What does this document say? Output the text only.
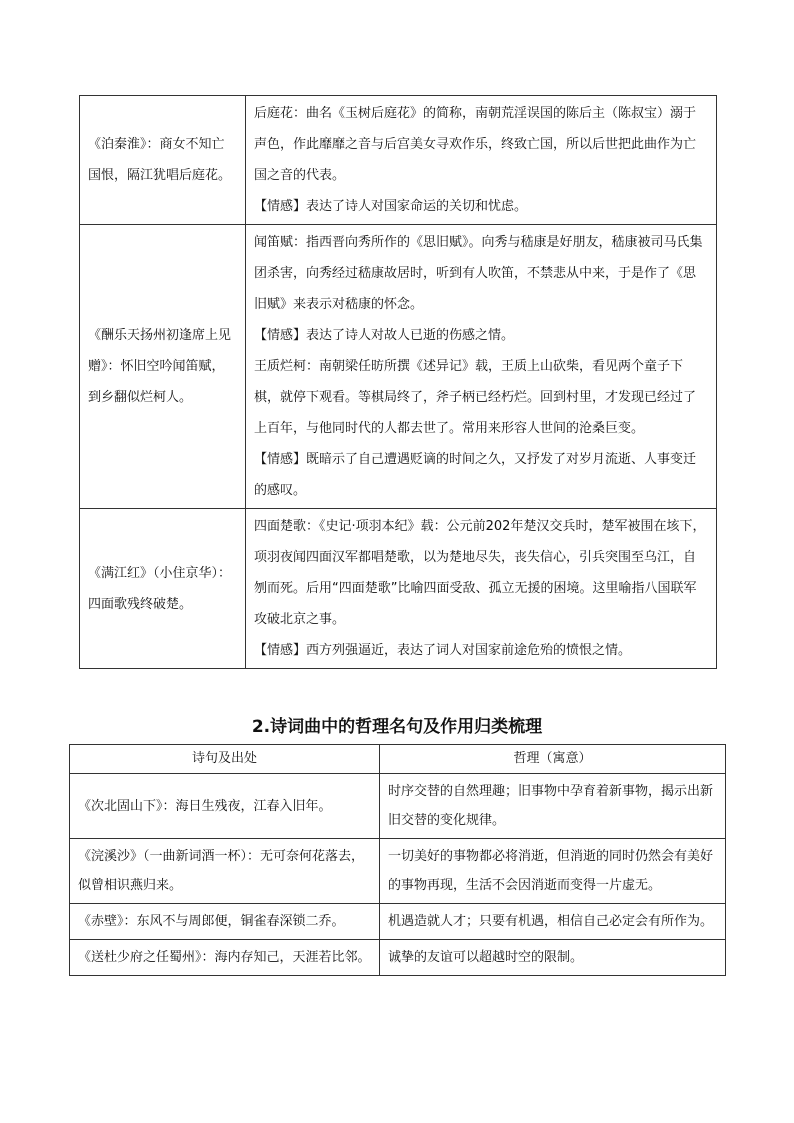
《泊秦淮》：商女不知亡国恨，隔江犹唱后庭花。	后庭花：曲名《玉树后庭花》的简称，南朝荒淫误国的陈后主（陈叔宝）溺于声色，作此靡靡之音与后宫美女寻欢作乐，终致亡国，所以后世把此曲作为亡国之音的代表。
【情感】表达了诗人对国家命运的关切和忧虑。

《酬乐天扬州初逢席上见赠》：怀旧空吟闻笛赋，到乡翻似烂柯人。	闻笛赋：指西晋向秀所作的《思旧赋》。向秀与嵇康是好朋友，嵇康被司马氏集团杀害，向秀经过嵇康故居时，听到有人吹笛，不禁悲从中来，于是作了《思旧赋》来表示对嵇康的怀念。
【情感】表达了诗人对故人已逝的伤感之情。
王质烂柯：南朝梁任昉所撰《述异记》载，王质上山砍柴，看见两个童子下棋，就停下观看。等棋局终了，斧子柄已经朽烂。回到村里，才发现已经过了上百年，与他同时代的人都去世了。常用来形容人世间的沧桑巨变。
【情感】既暗示了自己遭遇贬谪的时间之久，又抒发了对岁月流逝、人事变迁的感叹。

《满江红》（小住京华）：四面歌残终破楚。	四面楚歌：《史记·项羽本纪》载：公元前202年楚汉交兵时，楚军被围在垓下，项羽夜闻四面汉军都唱楚歌，以为楚地尽失，丧失信心，引兵突围至乌江，自刎而死。后用“四面楚歌”比喻四面受敌、孤立无援的困境。这里喻指八国联军攻破北京之事。
【情感】西方列强逼近，表达了词人对国家前途危殆的愤恨之情。
2.诗词曲中的哲理名句及作用归类梳理
诗句及出处	哲理（寓意）
《次北固山下》：海日生残夜，江春入旧年。	时序交替的自然理趣；旧事物中孕育着新事物，揭示出新旧交替的变化规律。
《浣溪沙》（一曲新词酒一杯）：无可奈何花落去，似曾相识燕归来。	一切美好的事物都必将消逝，但消逝的同时仍然会有美好的事物再现，生活不会因消逝而变得一片虚无。
《赤壁》：东风不与周郎便，铜雀春深锁二乔。	机遇造就人才；只要有机遇，相信自己必定会有所作为。
《送杜少府之任蜀州》：海内存知己，天涯若比邻。	诚挚的友谊可以超越时空的限制。
